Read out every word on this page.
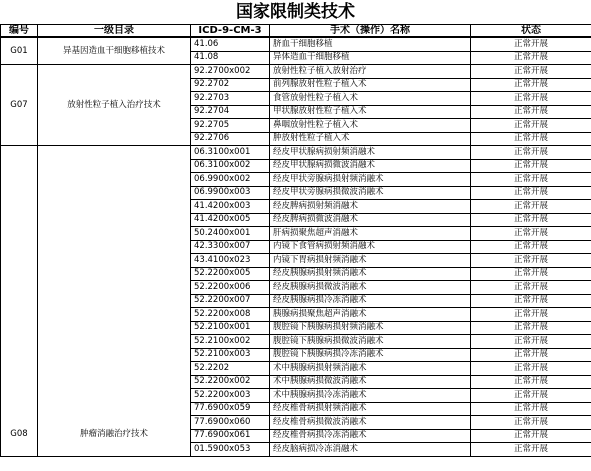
国家限制类技术
编号	一级目录	ICD-9-CM-3	手术（操作）名称	状态
G01	异基因造血干细胞移植技术	41.06	脐血干细胞移植	正常开展
		41.08	异体造血干细胞移植	正常开展
G07	放射性粒子植入治疗技术	92.2700x002	放射性粒子植入放射治疗	正常开展
		92.2702	前列腺放射性粒子植入术	正常开展
		92.2703	食管放射性粒子植入术	正常开展
		92.2704	甲状腺放射性粒子植入术	正常开展
		92.2705	鼻咽放射性粒子植入术	正常开展
		92.2706	肿放射性粒子植入术	正常开展
G08	肿瘤消融治疗技术	06.3100x001	经皮甲状腺病损射频消融术	正常开展
		06.3100x002	经皮甲状腺病损微波消融术	正常开展
		06.9900x002	经皮甲状旁腺病损射频消融术	正常开展
		06.9900x003	经皮甲状旁腺病损微波消融术	正常开展
		41.4200x003	经皮脾病损射频消融术	正常开展
		41.4200x005	经皮脾病损微波消融术	正常开展
		50.2400x001	肝病损聚焦超声消融术	正常开展
		42.3300x007	内镜下食管病损射频消融术	正常开展
		43.4100x023	内镜下胃病损射频消融术	正常开展
		52.2200x005	经皮胰腺病损射频消融术	正常开展
		52.2200x006	经皮胰腺病损微波消融术	正常开展
		52.2200x007	经皮胰腺病损冷冻消融术	正常开展
		52.2200x008	胰腺病损聚焦超声消融术	正常开展
		52.2100x001	腹腔镜下胰腺病损射频消融术	正常开展
		52.2100x002	腹腔镜下胰腺病损微波消融术	正常开展
		52.2100x003	腹腔镜下胰腺病损冷冻消融术	正常开展
		52.2202	术中胰腺病损射频消融术	正常开展
		52.2200x002	术中胰腺病损微波消融术	正常开展
		52.2200x003	术中胰腺病损冷冻消融术	正常开展
		77.6900x059	经皮椎骨病损射频消融术	正常开展
		77.6900x060	经皮椎骨病损微波消融术	正常开展
		77.6900x061	经皮椎骨病损冷冻消融术	正常开展
		01.5900x053	经皮脑病损冷冻消融术	正常开展
